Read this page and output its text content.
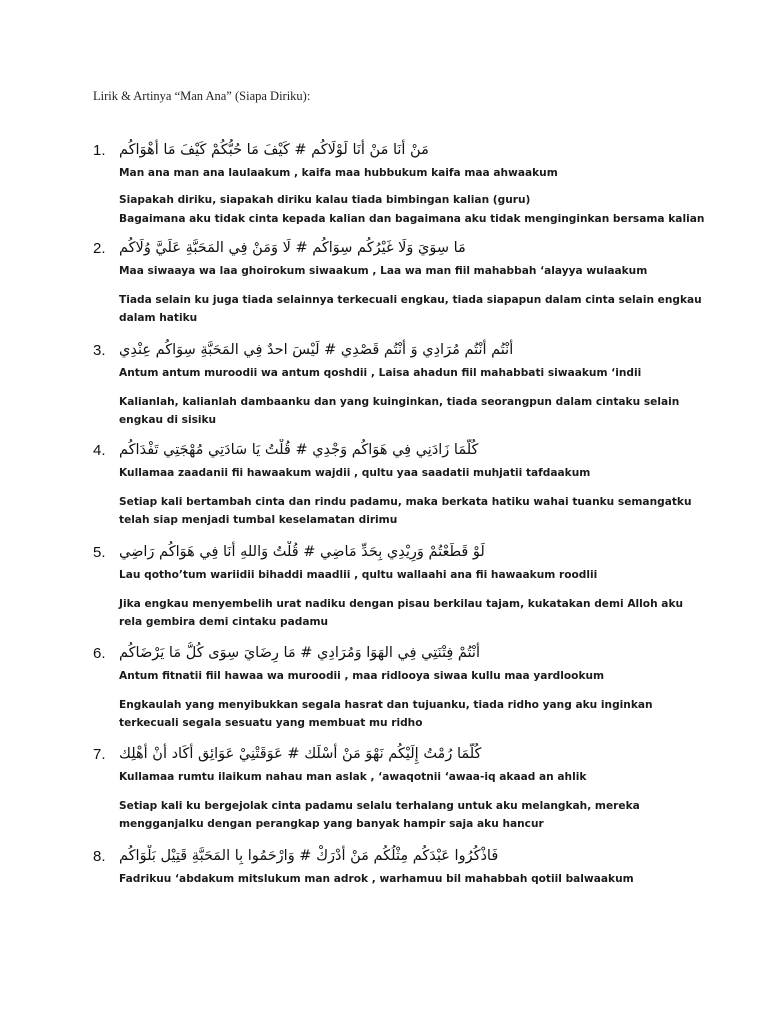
Lirik & Artinya “Man Ana” (Siapa Diriku):
1. مَنْ أَنَا مَنْ أَنَا لَوْلَاكُم # كَيْفَ مَا حُبُّكُمْ كَيْفَ مَا أَهْوَاكُم
Man ana man ana laulaakum , kaifa maa hubbukum kaifa maa ahwaakum
Siapakah diriku, siapakah diriku kalau tiada bimbingan kalian (guru)
Bagaimana aku tidak cinta kepada kalian dan bagaimana aku tidak menginginkan bersama kalian
2. مَا سِوَيَ وَلَا غَيْرُكُم سِوَاكُم # لَا وَمَنْ فِي المَحَبَّةِ عَلَيَّ وُلَاكُم
Maa siwaaya wa laa ghoirokum siwaakum , Laa wa man fiil mahabbah ‘alayya wulaakum
Tiada selain ku juga tiada selainnya terkecuali engkau, tiada siapapun dalam cinta selain engkau
dalam hatiku
3. أَنْتُم أَنْتُم مُرَادِي وَ أَنْتُم قَصْدِي # لَيْسَ احدٌ فِي المَحَبَّةِ سِوَاكُم عِنْدِي
Antum antum muroodii wa antum qoshdii , Laisa ahadun fiil mahabbati siwaakum ‘indii
Kalianlah, kalianlah dambaanku dan yang kuinginkan, tiada seorangpun dalam cintaku selain
engkau di sisiku
4. كُلَّمَا زَادَنِي فِي هَوَاكُم وَجْدِي # قُلْتُ يَا سَادَتِي مُهْجَتِي تَفْدَاكُم
Kullamaa zaadanii fii hawaakum wajdii , qultu yaa saadatii muhjatii tafdaakum
Setiap kali bertambah cinta dan rindu padamu, maka berkata hatiku wahai tuanku semangatku
telah siap menjadi tumbal keselamatan dirimu
5. لَوْ قَطَعْتُمْ وَرِيْدِي بِحَدِّ مَاضِي # قُلْتُ وَاللهِ أَنَا فِي هَوَاكُم رَاضِي
Lau qotho’tum wariidii bihaddi maadlii , qultu wallaahi ana fii hawaakum roodlii
Jika engkau menyembelih urat nadiku dengan pisau berkilau tajam, kukatakan demi Alloh aku
rela gembira demi cintaku padamu
6. أَنْتُمْ فِتْنَتِي فِي الهَوَا وَمُرَادِي # مَا رِضَايَ سِوَى كُلُّ مَا يَرْضَاكُم
Antum fitnatii fiil hawaa wa muroodii , maa ridlooya siwaa kullu maa yardlookum
Engkaulah yang menyibukkan segala hasrat dan tujuanku, tiada ridho yang aku inginkan
terkecuali segala sesuatu yang membuat mu ridho
7. كُلَّمَا رُمْتُ إِلَيْكُم نَهْوَ مَنْ أَسْلَك # عَوَقَتْنِيْ عَوَائِق أَكَاد أَنْ أَهْلِك
Kullamaa rumtu ilaikum nahau man aslak , ‘awaqotnii ‘awaa-iq akaad an ahlik
Setiap kali ku bergejolak cinta padamu selalu terhalang untuk aku melangkah, mereka
mengganjalku dengan perangkap yang banyak hampir saja aku hancur
8. فَاذْكُرُوا عَبْدَكُم مِثْلُكُم مَنْ أَدْرَكْ # وَارْحَمُوا بِا المَحَبَّةِ قَتِيْل بَلْوَاكُم
Fadrikuu ‘abdakum mitslukum man adrok , warhamuu bil mahabbah qotiil balwaakum
